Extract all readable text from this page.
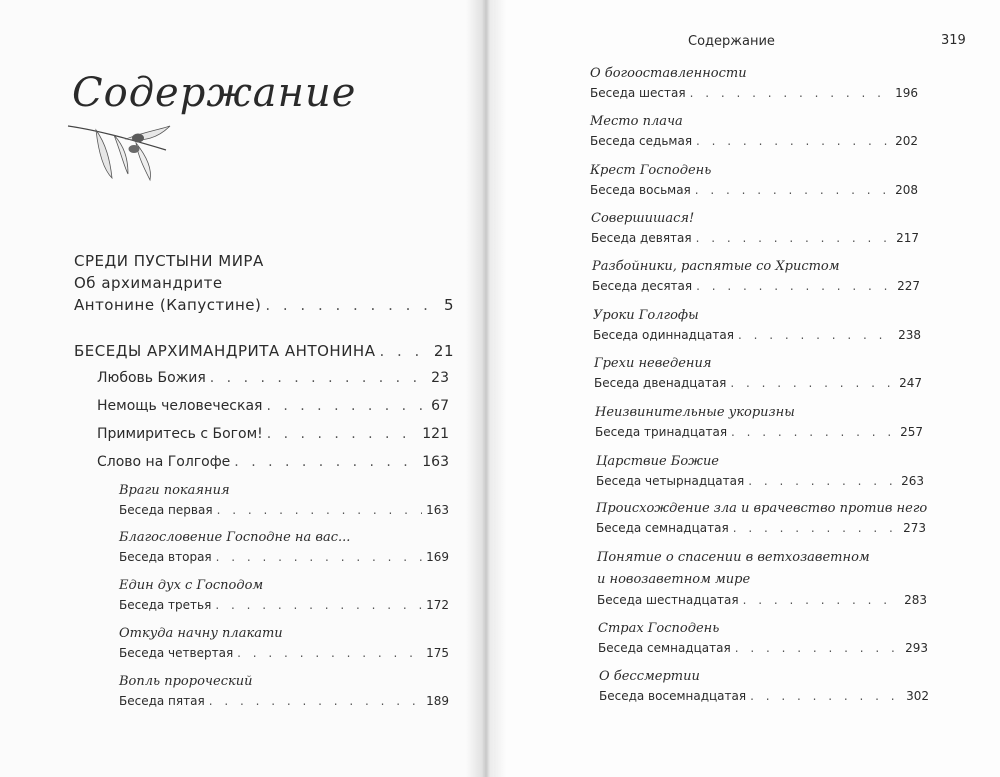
Содержание
СРЕДИ ПУСТЫНИ МИРА
Об архимандрите
Антонине (Капустине) . . .	5
БЕСЕДЫ АРХИМАНДРИТА АНТОНИНА . . .	21
Любовь Божия . . .	23
Немощь человеческая . . .	67
Примиритесь с Богом! . . .	121
Слово на Голгофе . . .	163
Враги покаяния
Беседа первая . . .	163
Благословение Господне на вас...
Беседа вторая . . .	169
Един дух с Господом
Беседа третья . . .	172
Откуда начну плакати
Беседа четвертая . . .	175
Вопль пророческий
Беседа пятая . . .	189
Содержание	319
О богооставленности
Беседа шестая . . .	196
Место плача
Беседа седьмая . . .	202
Крест Господень
Беседа восьмая . . .	208
Совершишася!
Беседа девятая . . .	217
Разбойники, распятые со Христом
Беседа десятая . . .	227
Уроки Голгофы
Беседа одиннадцатая . . .	238
Грехи неведения
Беседа двенадцатая . . .	247
Неизвинительные укоризны
Беседа тринадцатая . . .	257
Царствие Божие
Беседа четырнадцатая . . .	263
Происхождение зла и врачевство против него
Беседа семнадцатая . . .	273
Понятие о спасении в ветхозаветном
и новозаветном мире
Беседа шестнадцатая . . .	283
Страх Господень
Беседа семнадцатая . . .	293
О бессмертии
Беседа восемнадцатая . . .	302
